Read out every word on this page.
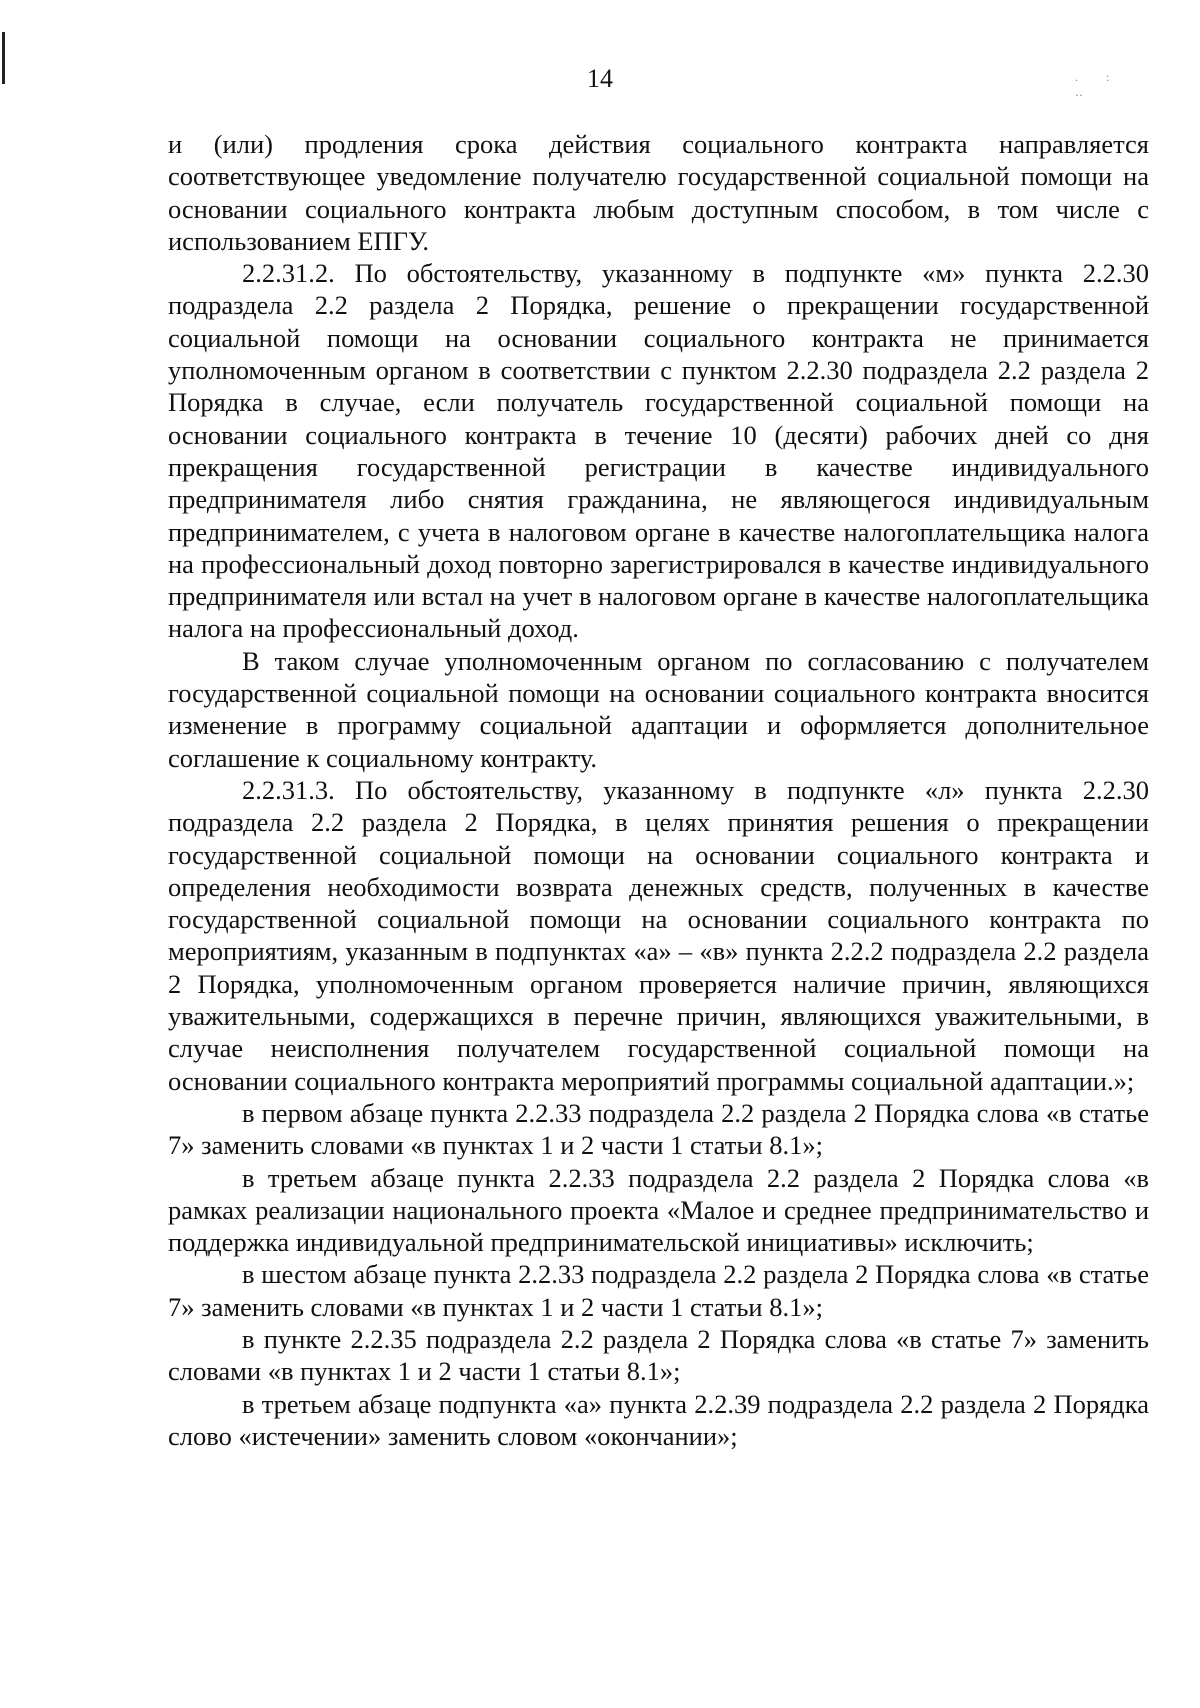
.: ‥
14

и (или) продления срока действия социального контракта направляется соответствующее уведомление получателю государственной социальной помощи на основании социального контракта любым доступным способом, в том числе с использованием ЕПГУ.

2.2.31.2. По обстоятельству, указанному в подпункте «м» пункта 2.2.30 подраздела 2.2 раздела 2 Порядка, решение о прекращении государственной социальной помощи на основании социального контракта не принимается уполномоченным органом в соответствии с пунктом 2.2.30 подраздела 2.2 раздела 2 Порядка в случае, если получатель государственной социальной помощи на основании социального контракта в течение 10 (десяти) рабочих дней со дня прекращения государственной регистрации в качестве индивидуального предпринимателя либо снятия гражданина, не являющегося индивидуальным предпринимателем, с учета в налоговом органе в качестве налогоплательщика налога на профессиональный доход повторно зарегистрировался в качестве индивидуального предпринимателя или встал на учет в налоговом органе в качестве налогоплательщика налога на профессиональный доход.

В таком случае уполномоченным органом по согласованию с получателем государственной социальной помощи на основании социального контракта вносится изменение в программу социальной адаптации и оформляется дополнительное соглашение к социальному контракту.

2.2.31.3. По обстоятельству, указанному в подпункте «л» пункта 2.2.30 подраздела 2.2 раздела 2 Порядка, в целях принятия решения о прекращении государственной социальной помощи на основании социального контракта и определения необходимости возврата денежных средств, полученных в качестве государственной социальной помощи на основании социального контракта по мероприятиям, указанным в подпунктах «а» – «в» пункта 2.2.2 подраздела 2.2 раздела 2 Порядка, уполномоченным органом проверяется наличие причин, являющихся уважительными, содержащихся в перечне причин, являющихся уважительными, в случае неисполнения получателем государственной социальной помощи на основании социального контракта мероприятий программы социальной адаптации.»;

в первом абзаце пункта 2.2.33 подраздела 2.2 раздела 2 Порядка слова «в статье 7» заменить словами «в пунктах 1 и 2 части 1 статьи 8.1»;

в третьем абзаце пункта 2.2.33 подраздела 2.2 раздела 2 Порядка слова «в рамках реализации национального проекта «Малое и среднее предпринимательство и поддержка индивидуальной предпринимательской инициативы» исключить;

в шестом абзаце пункта 2.2.33 подраздела 2.2 раздела 2 Порядка слова «в статье 7» заменить словами «в пунктах 1 и 2 части 1 статьи 8.1»;

в пункте 2.2.35 подраздела 2.2 раздела 2 Порядка слова «в статье 7» заменить словами «в пунктах 1 и 2 части 1 статьи 8.1»;

в третьем абзаце подпункта «а» пункта 2.2.39 подраздела 2.2 раздела 2 Порядка слово «истечении» заменить словом «окончании»;
